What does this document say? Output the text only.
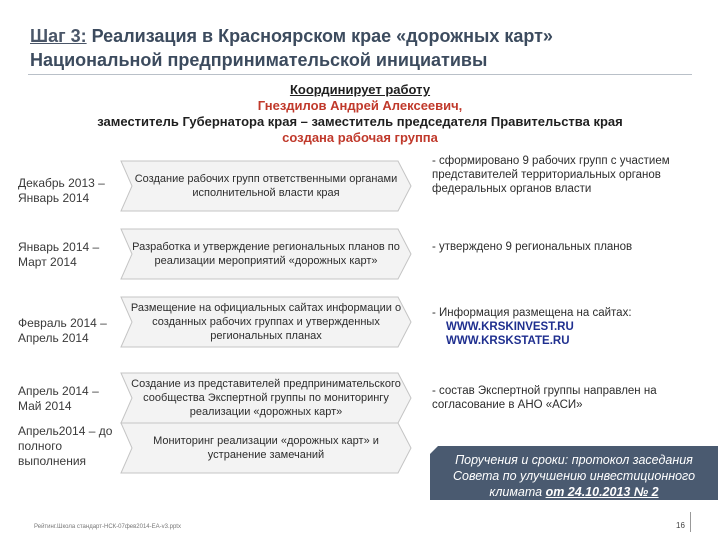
Шаг 3: Реализация в Красноярском крае «дорожных карт»
Национальной предпринимательской инициативы
Координирует работу
Гнездилов Андрей Алексеевич,
заместитель Губернатора края – заместитель председателя Правительства края
создана рабочая группа
Декабрь 2013 – Январь 2014
Создание рабочих групп ответственными органами исполнительной власти края
- сформировано 9 рабочих групп с участием представителей территориальных органов федеральных органов власти
Январь 2014 – Март 2014
Разработка и утверждение региональных планов по реализации мероприятий «дорожных карт»
- утверждено 9 региональных планов
Февраль 2014 – Апрель 2014
Размещение на официальных сайтах информации о созданных рабочих группах и утвержденных региональных планах
- Информация размещена на сайтах:
WWW.KRSKINVEST.RU
WWW.KRSKSTATE.RU
Апрель 2014 – Май 2014
Создание из представителей предпринимательского сообщества Экспертной группы по мониторингу реализации «дорожных карт»
- состав Экспертной группы направлен на согласование в АНО «АСИ»
Апрель2014 – до полного выполнения
Мониторинг реализации «дорожных карт» и устранение замечаний	Поручения и сроки: протокол заседания Совета по улучшению инвестиционного климата от 24.10.2013 № 2
Рейтинг.Школа стандарт-НСК-07фев2014-ЕА-v3.pptx	16
